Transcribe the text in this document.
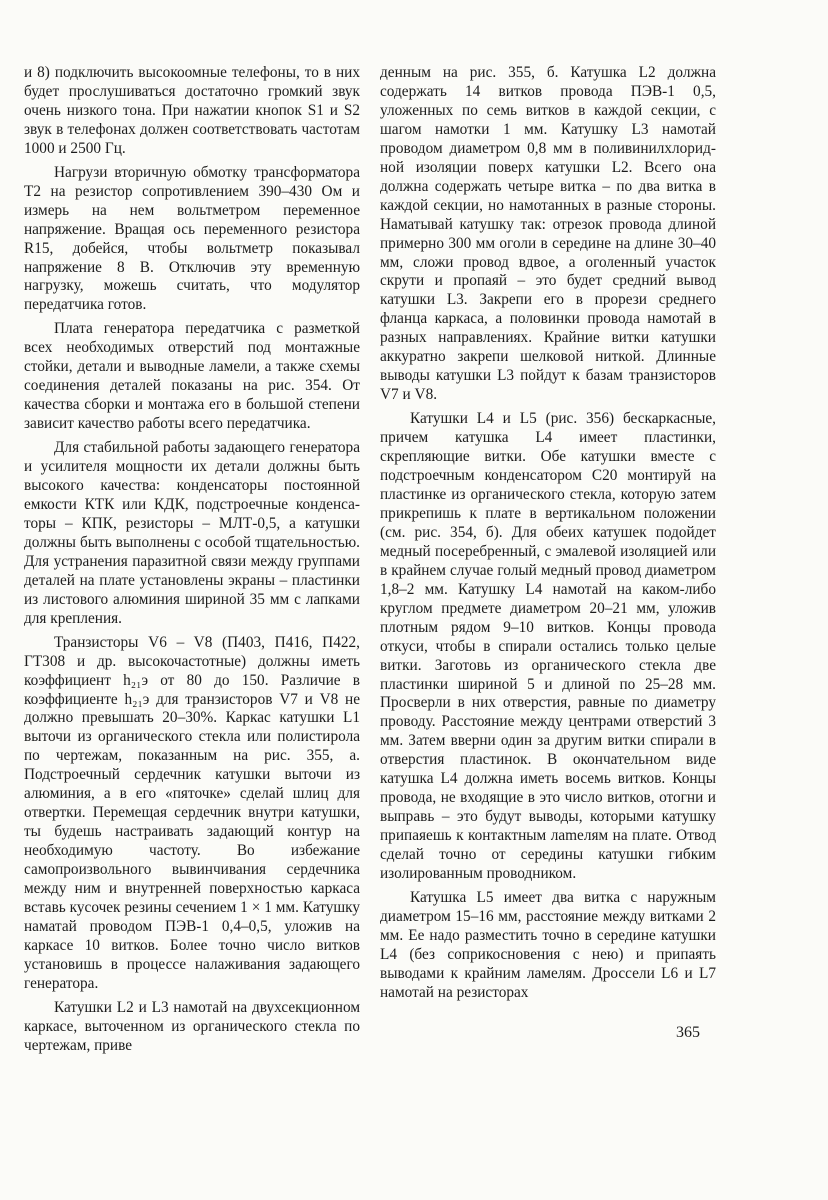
и 8) подключить высокоомные телефоны, то в них будет прослушиваться достаточно громкий звук очень низкого тона. При нажатии кнопок S1 и S2 звук в телефонах должен соответствовать частотам 1000 и 2500 Гц.

Нагрузи вторичную обмотку трансформатора Т2 на резистор сопротивлением 390–430 Ом и измерь на нем вольтметром переменное напряжение. Вращая ось переменного резистора R15, добейся, чтобы вольтметр показывал напряжение 8 В. Отключив эту временную нагрузку, можешь считать, что модулятор передатчика готов.

Плата генератора передатчика с разметкой всех необходимых отверстий под монтажные стойки, детали и выводные ламели, а также схемы соединения деталей показаны на рис. 354. От качества сборки и монтажа его в большой степени зависит качество работы всего передатчика.

Для стабильной работы задающего генератора и усилителя мощности их детали должны быть высокого качества: конденсаторы постоянной емкости КТК или КДК, подстроечные конденсаторы – КПК, резисторы – МЛТ-0,5, а катушки должны быть выполнены с особой тщательностью. Для устранения паразитной связи между группами деталей на плате установлены экраны – пластинки из листового алюминия шириной 35 мм с лапками для крепления.

Транзисторы V6 – V8 (П403, П416, П422, ГТ308 и др. высокочастотные) должны иметь коэффициент h₂₁э от 80 до 150. Различие в коэффициенте h₂₁э для транзисторов V7 и V8 не должно превышать 20–30%. Каркас катушки L1 выточи из органического стекла или полистирола по чертежам, показанным на рис. 355, а. Подстроечный сердечник катушки выточи из алюминия, а в его «пяточке» сделай шлиц для отвертки. Перемещая сердечник внутри катушки, ты будешь настраивать задающий контур на необходимую частоту. Во избежание самопроизвольного вывинчивания сердечника между ним и внутренней поверхностью каркаса вставь кусочек резины сечением 1 × 1 мм. Катушку наматай проводом ПЭВ-1 0,4–0,5, уложив на каркасе 10 витков. Более точно число витков установишь в процессе налаживания задающего генератора.

Катушки L2 и L3 намотай на двухсекционном каркасе, выточенном из органического стекла по чертежам, приве

денным на рис. 355, б. Катушка L2 должна содержать 14 витков провода ПЭВ-1 0,5, уложенных по семь витков в каждой секции, с шагом намотки 1 мм. Катушку L3 намотай проводом диаметром 0,8 мм в поливинилхлоридной изоляции поверх катушки L2. Всего она должна содержать четыре витка – по два витка в каждой секции, но намотанных в разные стороны. Наматывай катушку так: отрезок провода длиной примерно 300 мм оголи в середине на длине 30–40 мм, сложи провод вдвое, а оголенный участок скрути и пропаяй – это будет средний вывод катушки L3. Закрепи его в прорези среднего фланца каркаса, а половинки провода намотай в разных направлениях. Крайние витки катушки аккуратно закрепи шелковой ниткой. Длинные выводы катушки L3 пойдут к базам транзисторов V7 и V8.

Катушки L4 и L5 (рис. 356) бескаркасные, причем катушка L4 имеет пластинки, скрепляющие витки. Обе катушки вместе с подстроечным конденсатором С20 монтируй на пластинке из органического стекла, которую затем прикрепишь к плате в вертикальном положении (см. рис. 354, б). Для обеих катушек подойдет медный посеребренный, с эмалевой изоляцией или в крайнем случае голый медный провод диаметром 1,8–2 мм. Катушку L4 намотай на каком-либо круглом предмете диаметром 20–21 мм, уложив плотным рядом 9–10 витков. Концы провода откуси, чтобы в спирали остались только целые витки. Заготовь из органического стекла две пластинки шириной 5 и длиной по 25–28 мм. Просверли в них отверстия, равные по диаметру проводу. Расстояние между центрами отверстий 3 мм. Затем вверни один за другим витки спирали в отверстия пластинок. В окончательном виде катушка L4 должна иметь восемь витков. Концы провода, не входящие в это число витков, отогни и выправь – это будут выводы, которыми катушку припаяешь к контактным лameлям на плате. Отвод сделай точно от середины катушки гибким изолированным проводником.

Катушка L5 имеет два витка с наружным диаметром 15–16 мм, расстояние между витками 2 мм. Ее надо разместить точно в середине катушки L4 (без соприкосновения с нею) и припаять выводами к крайним ламелям. Дроссели L6 и L7 намотай на резисторах

365
